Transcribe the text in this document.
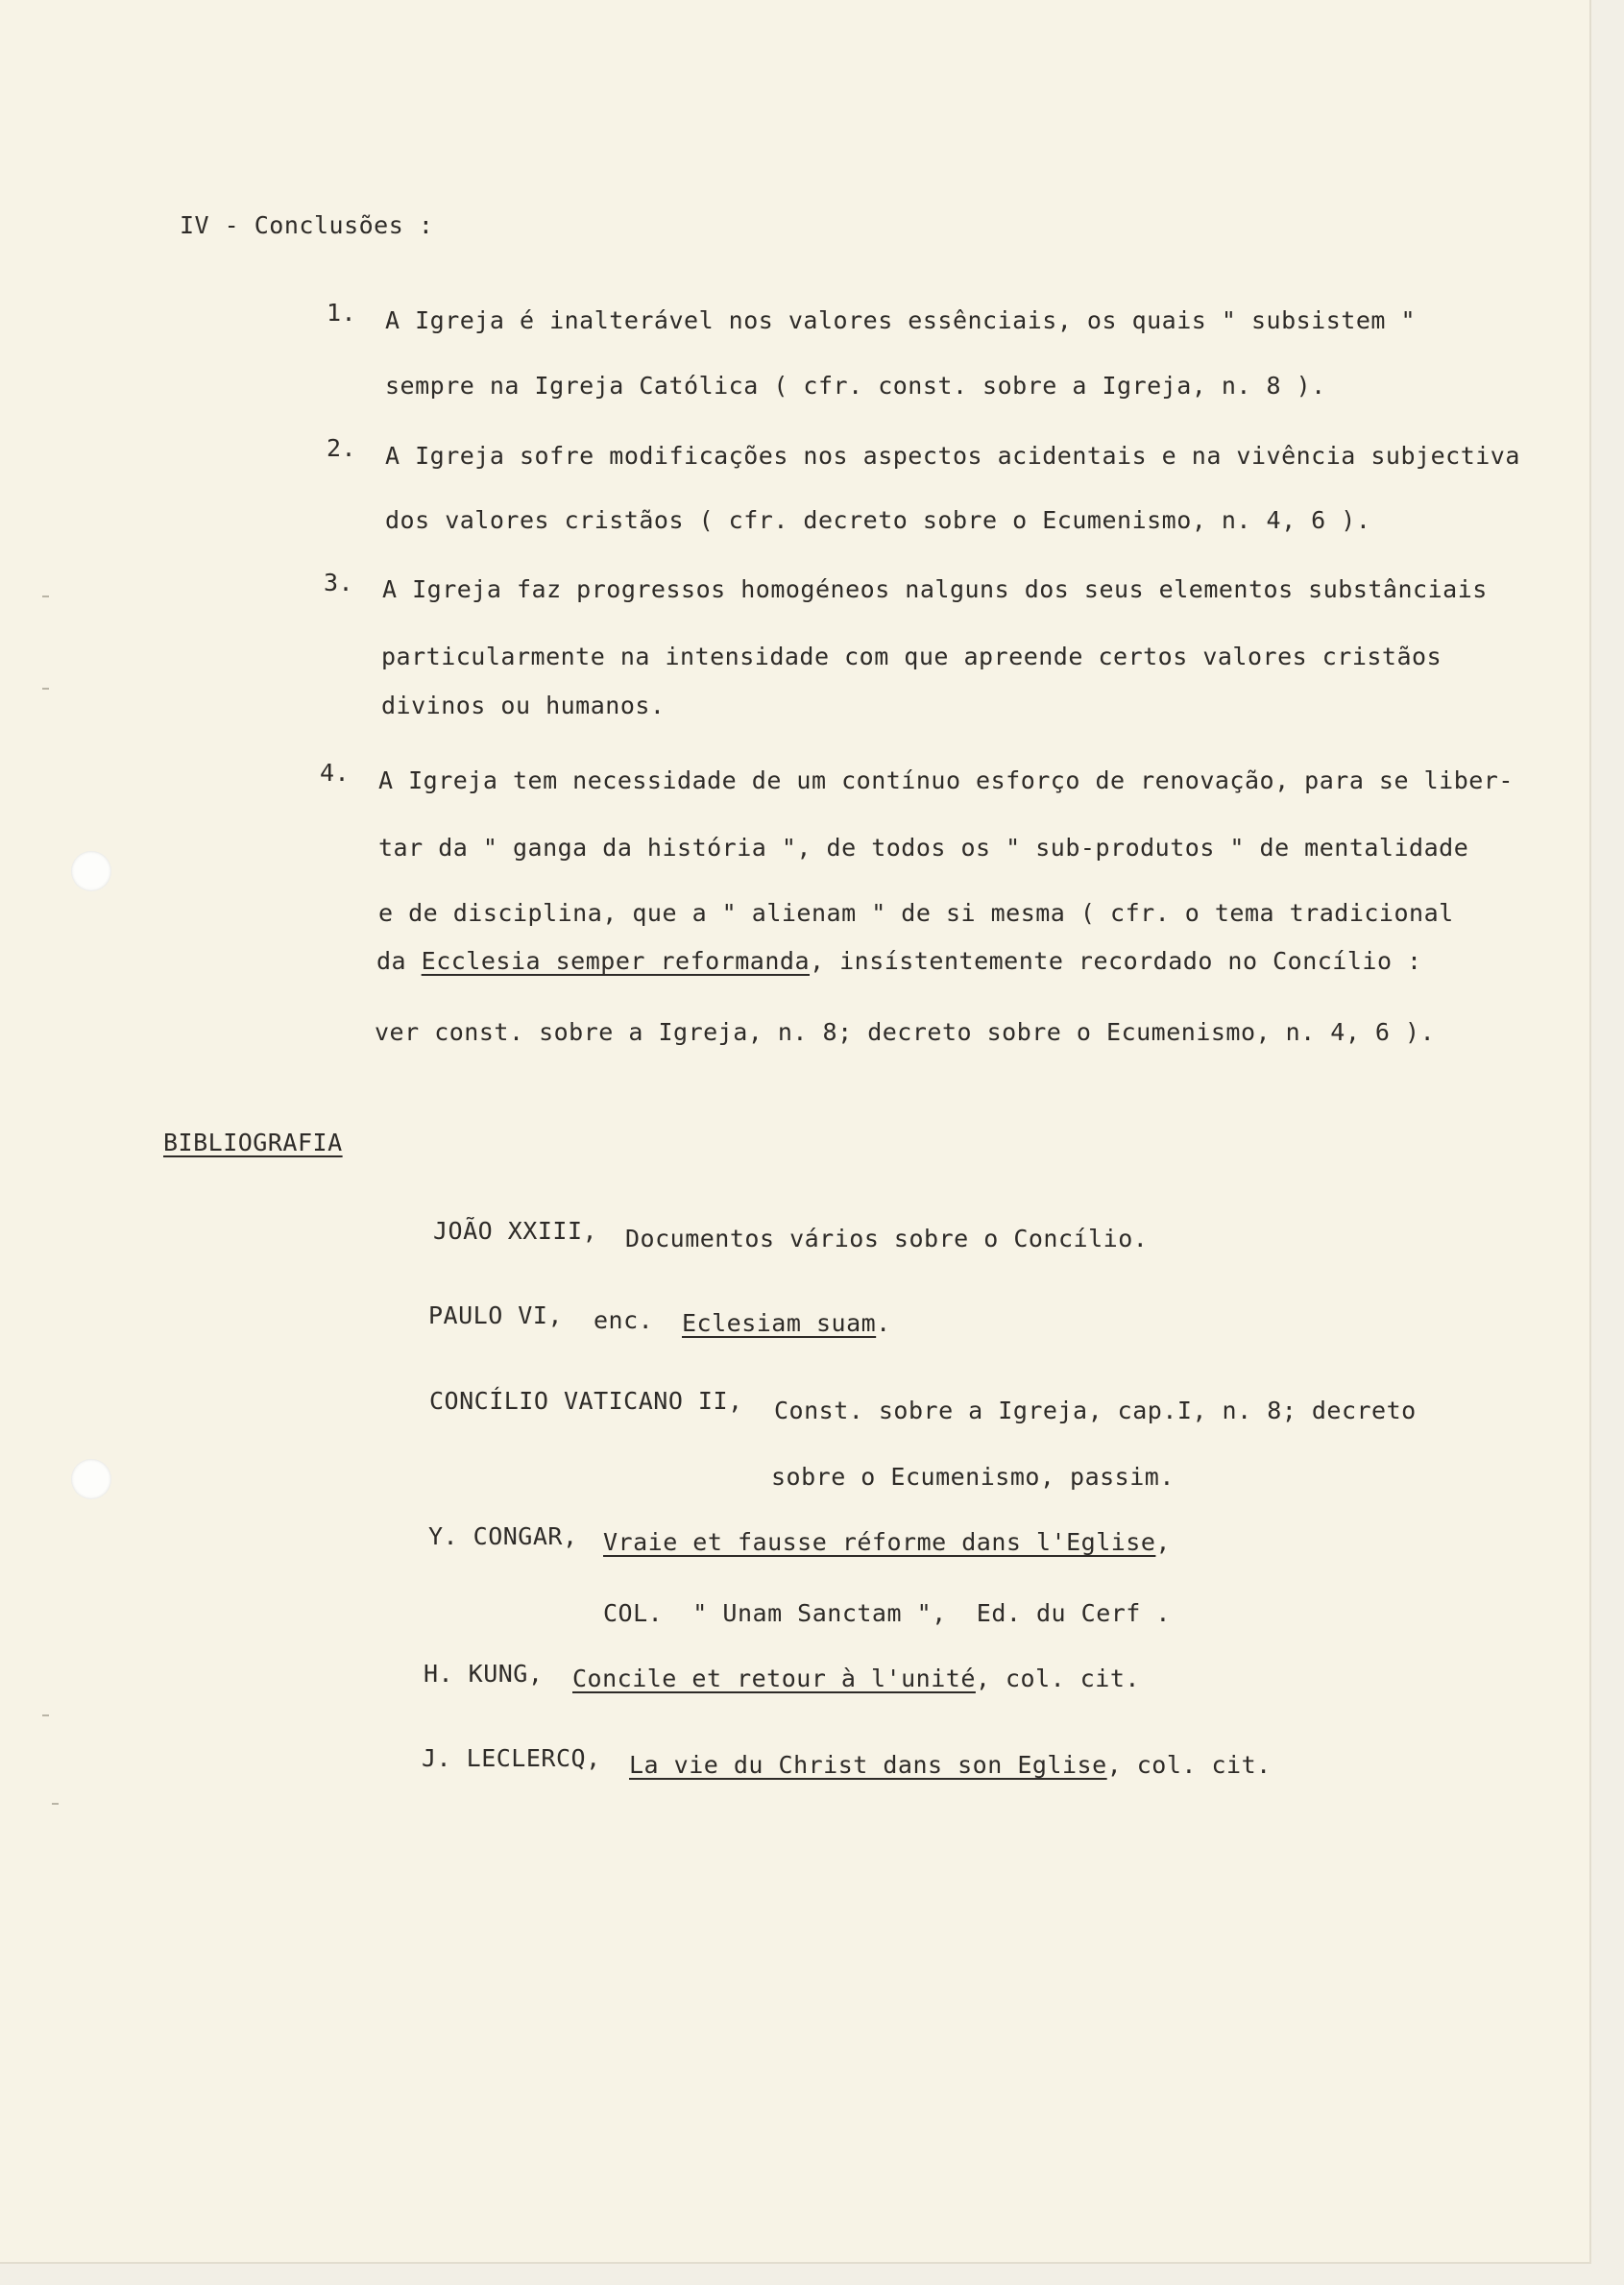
IV - Conclusões :
1. A Igreja é inalterável nos valores essênciais, os quais " subsistem "
sempre na Igreja Católica ( cfr. const. sobre a Igreja, n. 8 ).
2. A Igreja sofre modificações nos aspectos acidentais e na vivência subjectiva
dos valores cristãos ( cfr. decreto sobre o Ecumenismo, n. 4, 6 ).
3. A Igreja faz progressos homogéneos nalguns dos seus elementos substânciais
particularmente na intensidade com que apreende certos valores cristãos
divinos ou humanos.
4. A Igreja tem necessidade de um contínuo esforço de renovação, para se liber-
tar da " ganga da história ", de todos os " sub-produtos " de mentalidade
e de disciplina, que a " alienam " de si mesma ( cfr. o tema tradicional
da Ecclesia semper reformanda, insístentemente recordado no Concílio :
ver const. sobre a Igreja, n. 8; decreto sobre o Ecumenismo, n. 4, 6 ).
BIBLIOGRAFIA
JOÃO XXIII, Documentos vários sobre o Concílio.
PAULO VI, enc. Eclesiam suam.
CONCÍLIO VATICANO II, Const. sobre a Igreja, cap.I, n. 8; decreto
sobre o Ecumenismo, passim.
Y. CONGAR, Vraie et fausse réforme dans l'Eglise,
COL.  " Unam Sanctam ",  Ed. du Cerf .
H. KUNG, Concile et retour à l'unité, col. cit.
J. LECLERCQ, La vie du Christ dans son Eglise, col. cit.
